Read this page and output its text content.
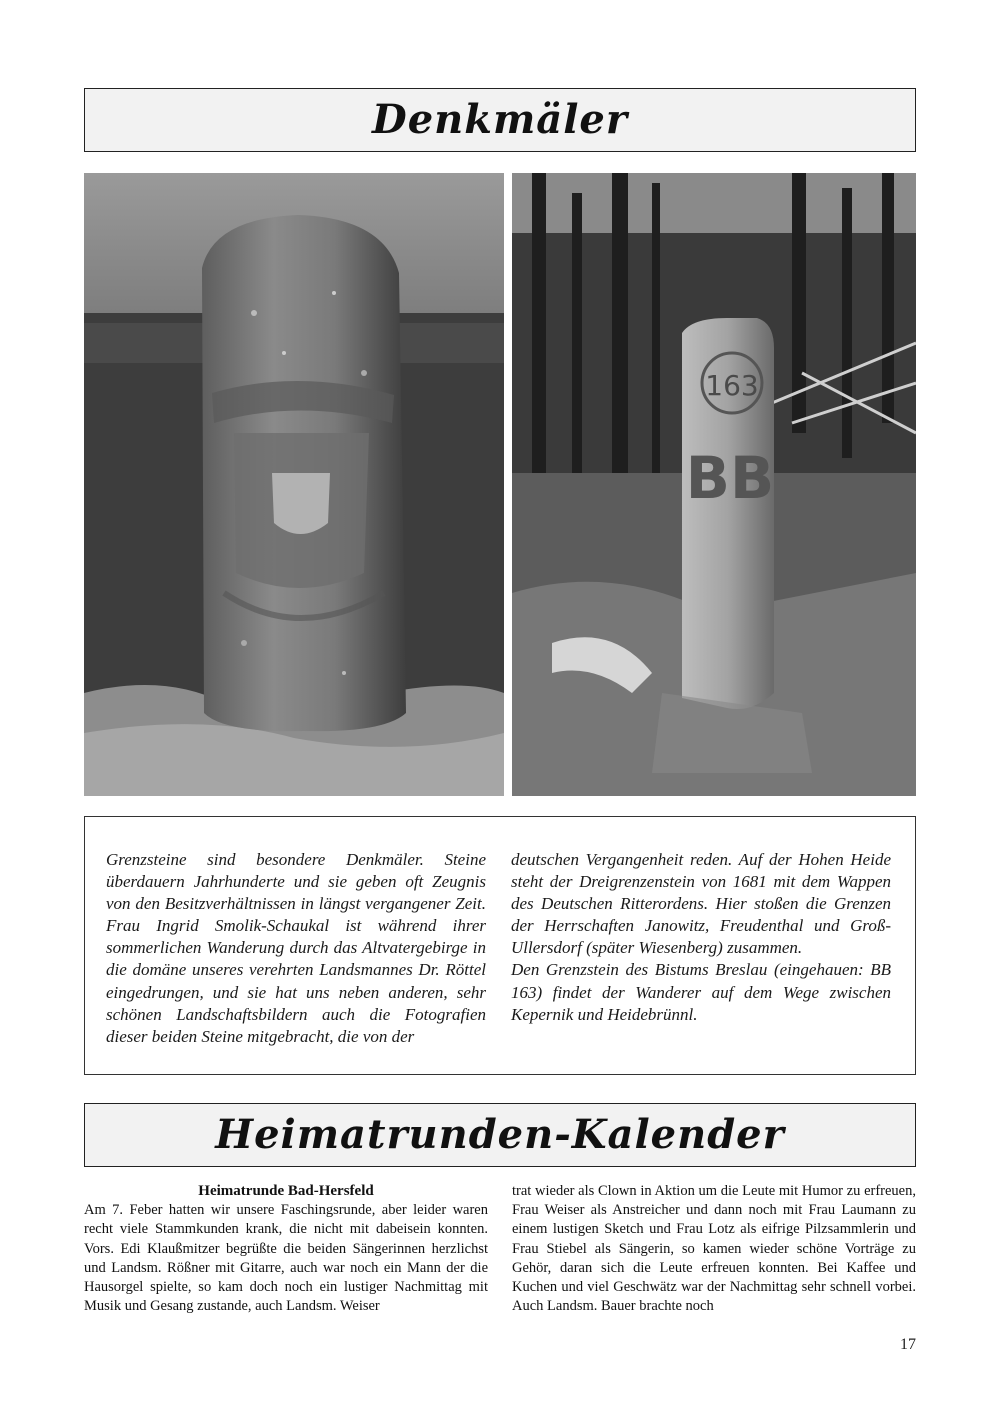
Denkmäler
163
BB

Grenzsteine sind besondere Denkmäler. Steine überdauern Jahrhunderte und sie geben oft Zeugnis von den Besitzverhältnissen in längst vergangener Zeit. Frau Ingrid Smolik-Schaukal ist während ihrer sommerlichen Wanderung durch das Altvatergebirge in die domäne unseres verehrten Landsmannes Dr. Röttel eingedrungen, und sie hat uns neben anderen, sehr schönen Landschaftsbildern auch die Fotografien dieser beiden Steine mitgebracht, die von der

deutschen Vergangenheit reden. Auf der Hohen Heide steht der Dreigrenzenstein von 1681 mit dem Wappen des Deutschen Ritterordens. Hier stoßen die Grenzen der Herrschaften Janowitz, Freudenthal und Groß-Ullersdorf (später Wiesenberg) zusammen.

Den Grenzstein des Bistums Breslau (eingehauen: BB 163) findet der Wanderer auf dem Wege zwischen Kepernik und Heidebrünnl.

Heimatrunden-Kalender

Heimatrunde Bad-Hersfeld

Am 7. Feber hatten wir unsere Faschingsrunde, aber leider waren recht viele Stammkunden krank, die nicht mit dabeisein konnten. Vors. Edi Klaußmitzer begrüßte die beiden Sängerinnen herzlichst und Landsm. Rößner mit Gitarre, auch war noch ein Mann der die Hausorgel spielte, so kam doch noch ein lustiger Nachmittag mit Musik und Gesang zustande, auch Landsm. Weiser

trat wieder als Clown in Aktion um die Leute mit Humor zu erfreuen, Frau Weiser als Anstreicher und dann noch mit Frau Laumann zu einem lustigen Sketch und Frau Lotz als eifrige Pilzsammlerin und Frau Stiebel als Sängerin, so kamen wieder schöne Vorträge zu Gehör, daran sich die Leute erfreuen konnten. Bei Kaffee und Kuchen und viel Geschwätz war der Nachmittag sehr schnell vorbei. Auch Landsm. Bauer brachte noch

17
